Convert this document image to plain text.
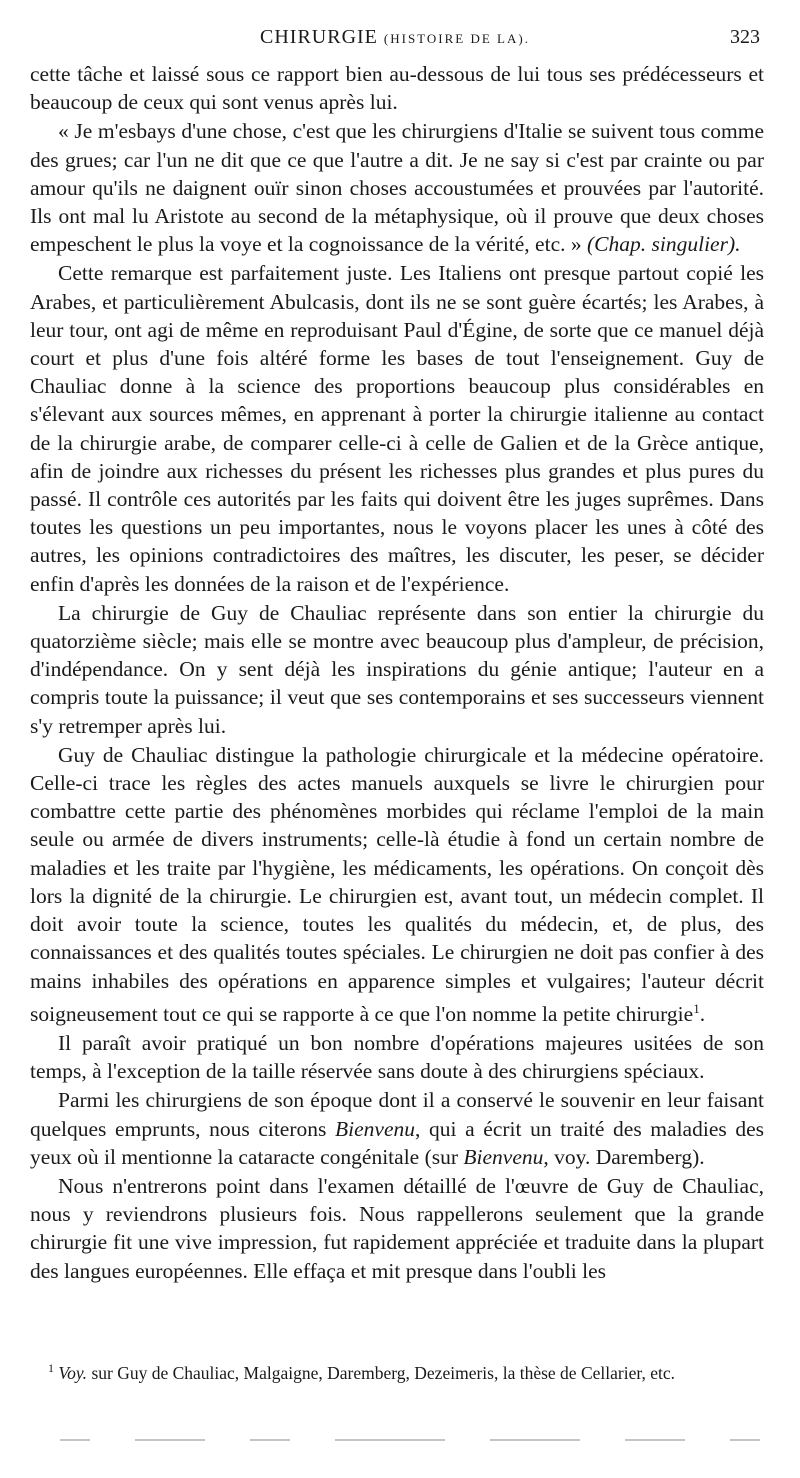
CHIRURGIE (HISTOIRE DE LA).	323

cette tâche et laissé sous ce rapport bien au-dessous de lui tous ses prédécesseurs et beaucoup de ceux qui sont venus après lui.

« Je m'esbays d'une chose, c'est que les chirurgiens d'Italie se suivent tous comme des grues; car l'un ne dit que ce que l'autre a dit. Je ne say si c'est par crainte ou par amour qu'ils ne daignent ouïr sinon choses accoustumées et prouvées par l'autorité. Ils ont mal lu Aristote au second de la métaphysique, où il prouve que deux choses empeschent le plus la voye et la cognoissance de la vérité, etc. » (Chap. singulier).

Cette remarque est parfaitement juste. Les Italiens ont presque partout copié les Arabes, et particulièrement Abulcasis, dont ils ne se sont guère écartés; les Arabes, à leur tour, ont agi de même en reproduisant Paul d'Égine, de sorte que ce manuel déjà court et plus d'une fois altéré forme les bases de tout l'enseignement. Guy de Chauliac donne à la science des proportions beaucoup plus considérables en s'élevant aux sources mêmes, en apprenant à porter la chirurgie italienne au contact de la chirurgie arabe, de comparer celle-ci à celle de Galien et de la Grèce antique, afin de joindre aux richesses du présent les richesses plus grandes et plus pures du passé. Il contrôle ces autorités par les faits qui doivent être les juges suprêmes. Dans toutes les questions un peu importantes, nous le voyons placer les unes à côté des autres, les opinions contradictoires des maîtres, les discuter, les peser, se décider enfin d'après les données de la raison et de l'expérience.

La chirurgie de Guy de Chauliac représente dans son entier la chirurgie du quatorzième siècle; mais elle se montre avec beaucoup plus d'ampleur, de précision, d'indépendance. On y sent déjà les inspirations du génie antique; l'auteur en a compris toute la puissance; il veut que ses contemporains et ses successeurs viennent s'y retremper après lui.

Guy de Chauliac distingue la pathologie chirurgicale et la médecine opératoire. Celle-ci trace les règles des actes manuels auxquels se livre le chirurgien pour combattre cette partie des phénomènes morbides qui réclame l'emploi de la main seule ou armée de divers instruments; celle-là étudie à fond un certain nombre de maladies et les traite par l'hygiène, les médicaments, les opérations. On conçoit dès lors la dignité de la chirurgie. Le chirurgien est, avant tout, un médecin complet. Il doit avoir toute la science, toutes les qualités du médecin, et, de plus, des connaissances et des qualités toutes spéciales. Le chirurgien ne doit pas confier à des mains inhabiles des opérations en apparence simples et vulgaires; l'auteur décrit soigneusement tout ce qui se rapporte à ce que l'on nomme la petite chirurgie$^1$.

Il paraît avoir pratiqué un bon nombre d'opérations majeures usitées de son temps, à l'exception de la taille réservée sans doute à des chirurgiens spéciaux.

Parmi les chirurgiens de son époque dont il a conservé le souvenir en leur faisant quelques emprunts, nous citerons Bienvenu, qui a écrit un traité des maladies des yeux où il mentionne la cataracte congénitale (sur Bienvenu, voy. Daremberg).

Nous n'entrerons point dans l'examen détaillé de l'œuvre de Guy de Chauliac, nous y reviendrons plusieurs fois. Nous rappellerons seulement que la grande chirurgie fit une vive impression, fut rapidement appréciée et traduite dans la plupart des langues européennes. Elle effaça et mit presque dans l'oubli les

$^1$ Voy. sur Guy de Chauliac, Malgaigne, Daremberg, Dezeimeris, la thèse de Cellarier, etc.
